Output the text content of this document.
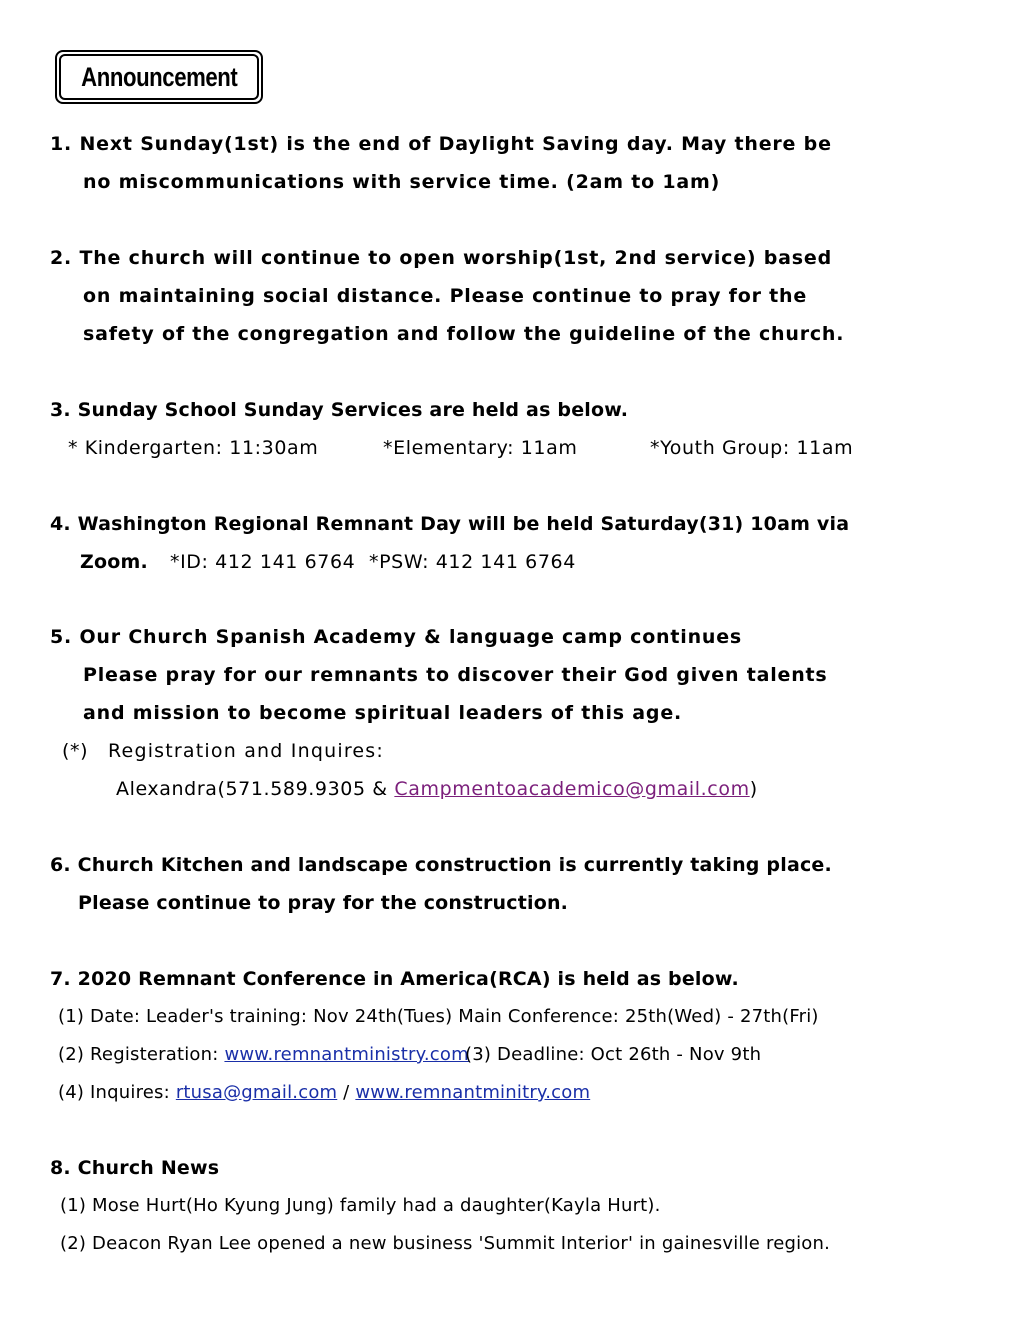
Announcement
1. Next Sunday(1st) is the end of Daylight Saving day. May there be
no miscommunications with service time. (2am to 1am)
2. The church will continue to open worship(1st, 2nd service) based
on maintaining social distance. Please continue to pray for the
safety of the congregation and follow the guideline of the church.
3. Sunday School Sunday Services are held as below.
* Kindergarten: 11:30am	*Elementary: 11am	*Youth Group: 11am
4. Washington Regional Remnant Day will be held Saturday(31) 10am via
Zoom. *ID: 412 141 6764 *PSW: 412 141 6764
5. Our Church Spanish Academy & language camp continues
Please pray for our remnants to discover their God given talents
and mission to become spiritual leaders of this age.
(*) Registration and Inquires:
Alexandra(571.589.9305 & Campmentoacademico@gmail.com)
6. Church Kitchen and landscape construction is currently taking place.
Please continue to pray for the construction.
7. 2020 Remnant Conference in America(RCA) is held as below.
(1) Date: Leader's training: Nov 24th(Tues) Main Conference: 25th(Wed) - 27th(Fri)
(2) Registeration: www.remnantministry.com
(3) Deadline: Oct 26th - Nov 9th
(4) Inquires: rtusa@gmail.com / www.remnantminitry.com
8. Church News
(1) Mose Hurt(Ho Kyung Jung) family had a daughter(Kayla Hurt).
(2) Deacon Ryan Lee opened a new business 'Summit Interior' in gainesville region.
